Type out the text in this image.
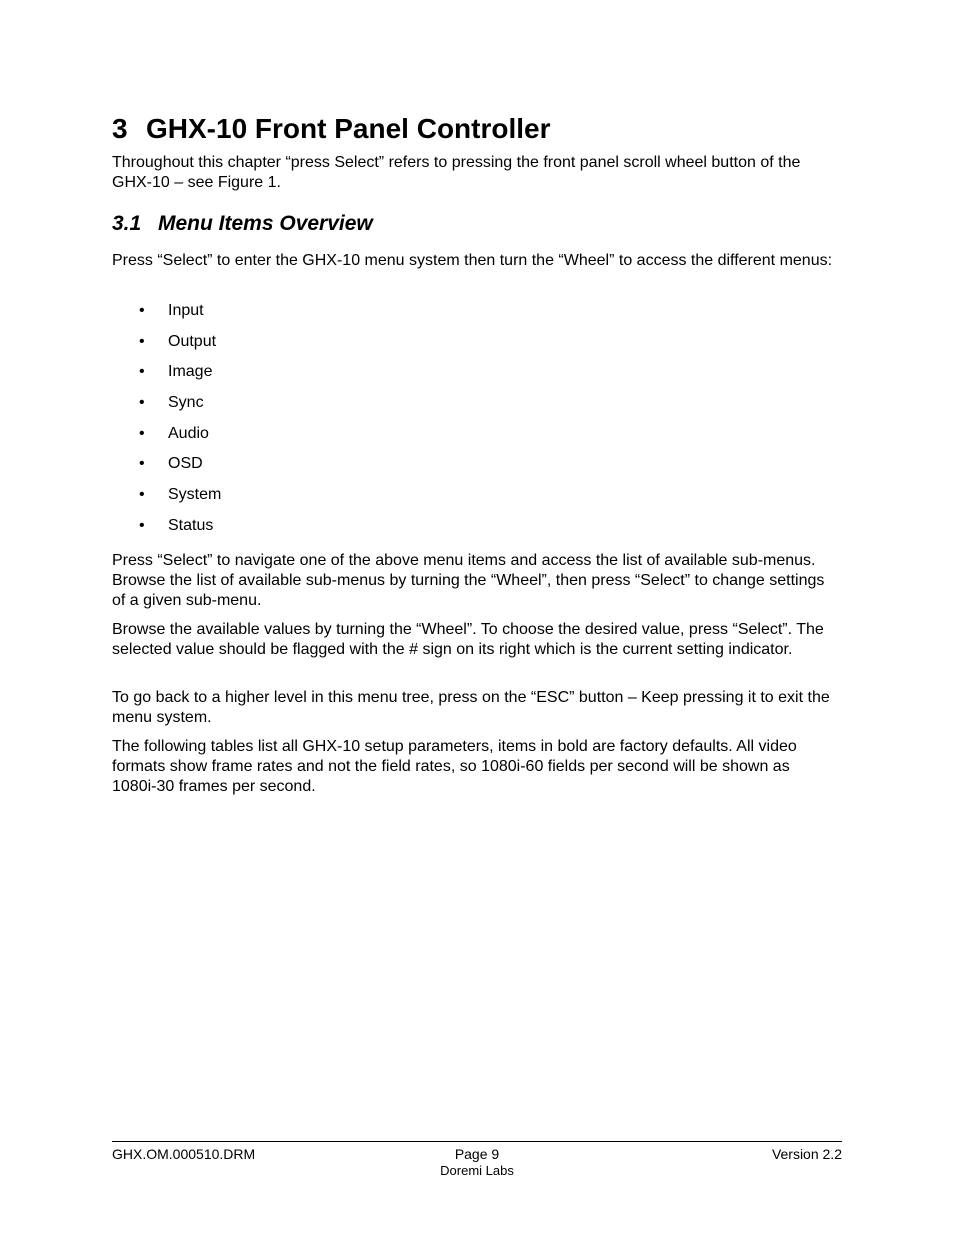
3 GHX-10 Front Panel Controller

Throughout this chapter “press Select” refers to pressing the front panel scroll wheel button of the GHX-10 – see Figure 1.

3.1 Menu Items Overview

Press “Select” to enter the GHX-10 menu system then turn the “Wheel” to access the different menus:

• Input
• Output
• Image
• Sync
• Audio
• OSD
• System
• Status

Press “Select” to navigate one of the above menu items and access the list of available sub-menus. Browse the list of available sub-menus by turning the “Wheel”, then press “Select” to change settings of a given sub-menu.

Browse the available values by turning the “Wheel”. To choose the desired value, press “Select”. The selected value should be flagged with the # sign on its right which is the current setting indicator.

To go back to a higher level in this menu tree, press on the “ESC” button – Keep pressing it to exit the menu system.

The following tables list all GHX-10 setup parameters, items in bold are factory defaults. All video formats show frame rates and not the field rates, so 1080i-60 fields per second will be shown as 1080i-30 frames per second.

GHX.OM.000510.DRM	Page 9	Version 2.2
Doremi Labs
